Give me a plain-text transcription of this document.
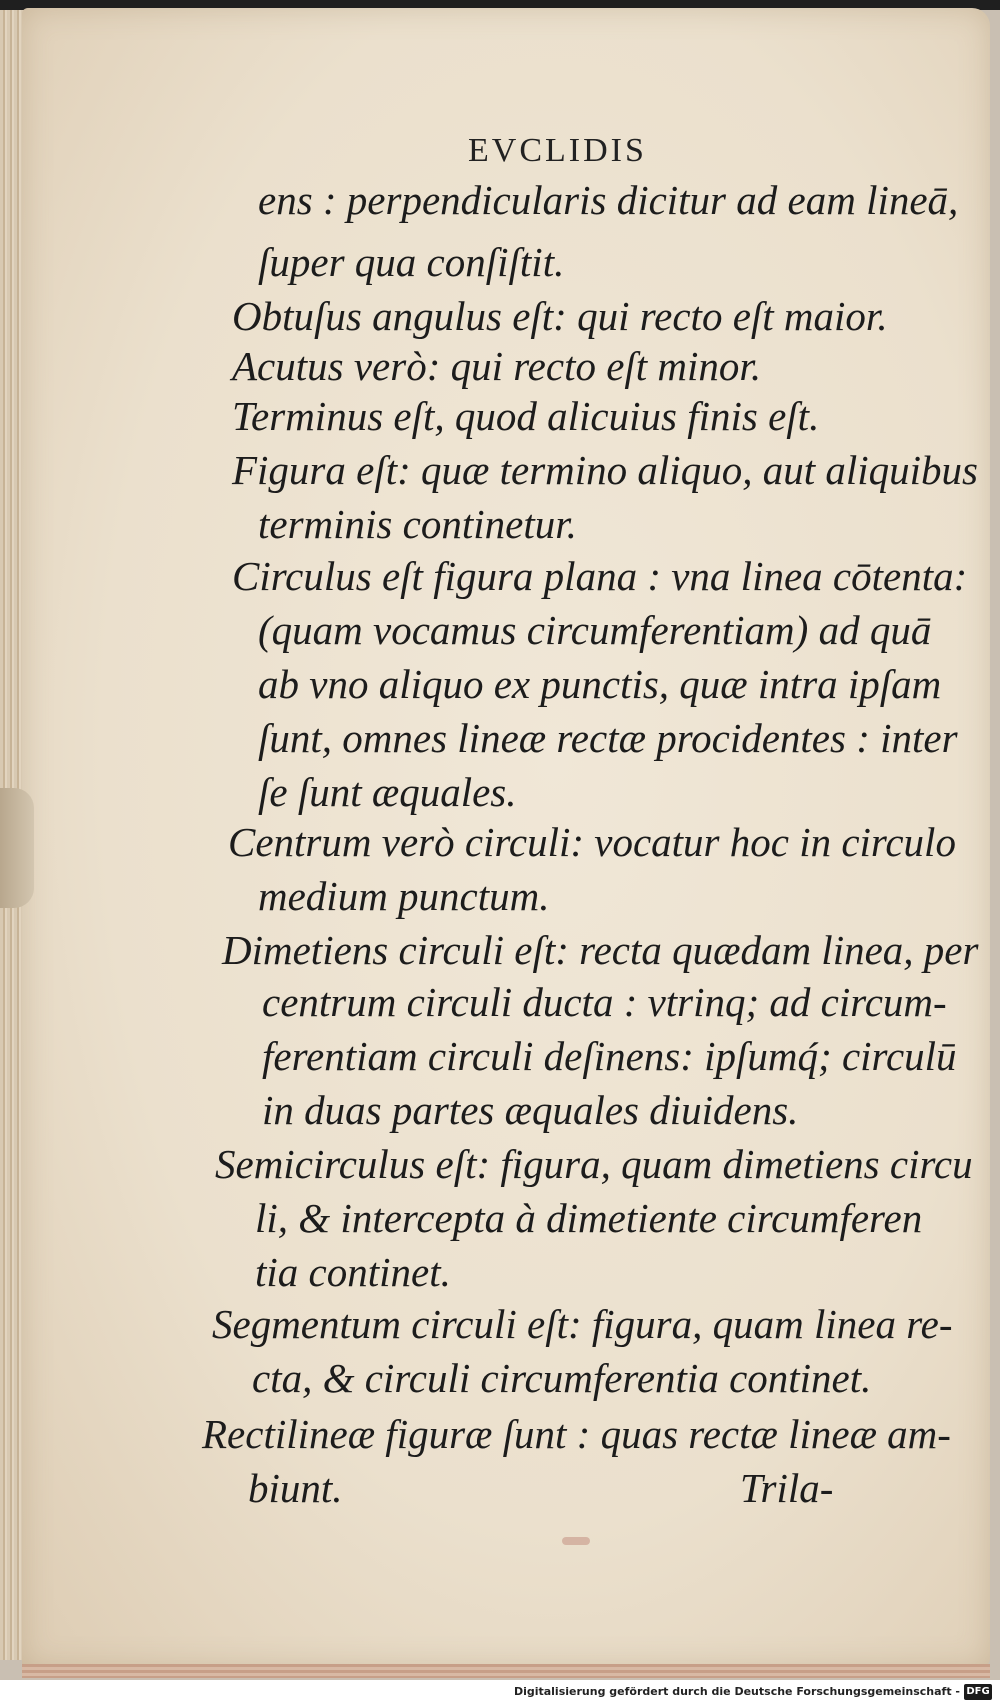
EVCLIDIS
ens : perpendicularis dicitur ad eam lineā,
ſuper qua conſiſtit.
Obtuſus angulus eſt: qui recto eſt maior.
Acutus verò: qui recto eſt minor.
Terminus eſt, quod alicuius finis eſt.
Figura eſt: quæ termino aliquo, aut aliquibus
terminis continetur.
Circulus eſt figura plana : vna linea cōtenta:
(quam vocamus circumferentiam) ad quā
ab vno aliquo ex punctis, quæ intra ipſam
ſunt, omnes lineæ rectæ procidentes : inter
ſe ſunt æquales.
Centrum verò circuli: vocatur hoc in circulo
medium punctum.
Dimetiens circuli eſt: recta quædam linea, per
centrum circuli ducta : vtrinq; ad circum-
ferentiam circuli deſinens: ipſumq́; circulū
in duas partes æquales diuidens.
Semicirculus eſt: figura, quam dimetiens circu
li, & intercepta à dimetiente circumferen
tia continet.
Segmentum circuli eſt: figura, quam linea re-
cta, & circuli circumferentia continet.
Rectilineæ figuræ ſunt : quas rectæ lineæ am-
biunt.	Trila-
Digitalisierung gefördert durch die Deutsche Forschungsgemeinschaft - DFG
